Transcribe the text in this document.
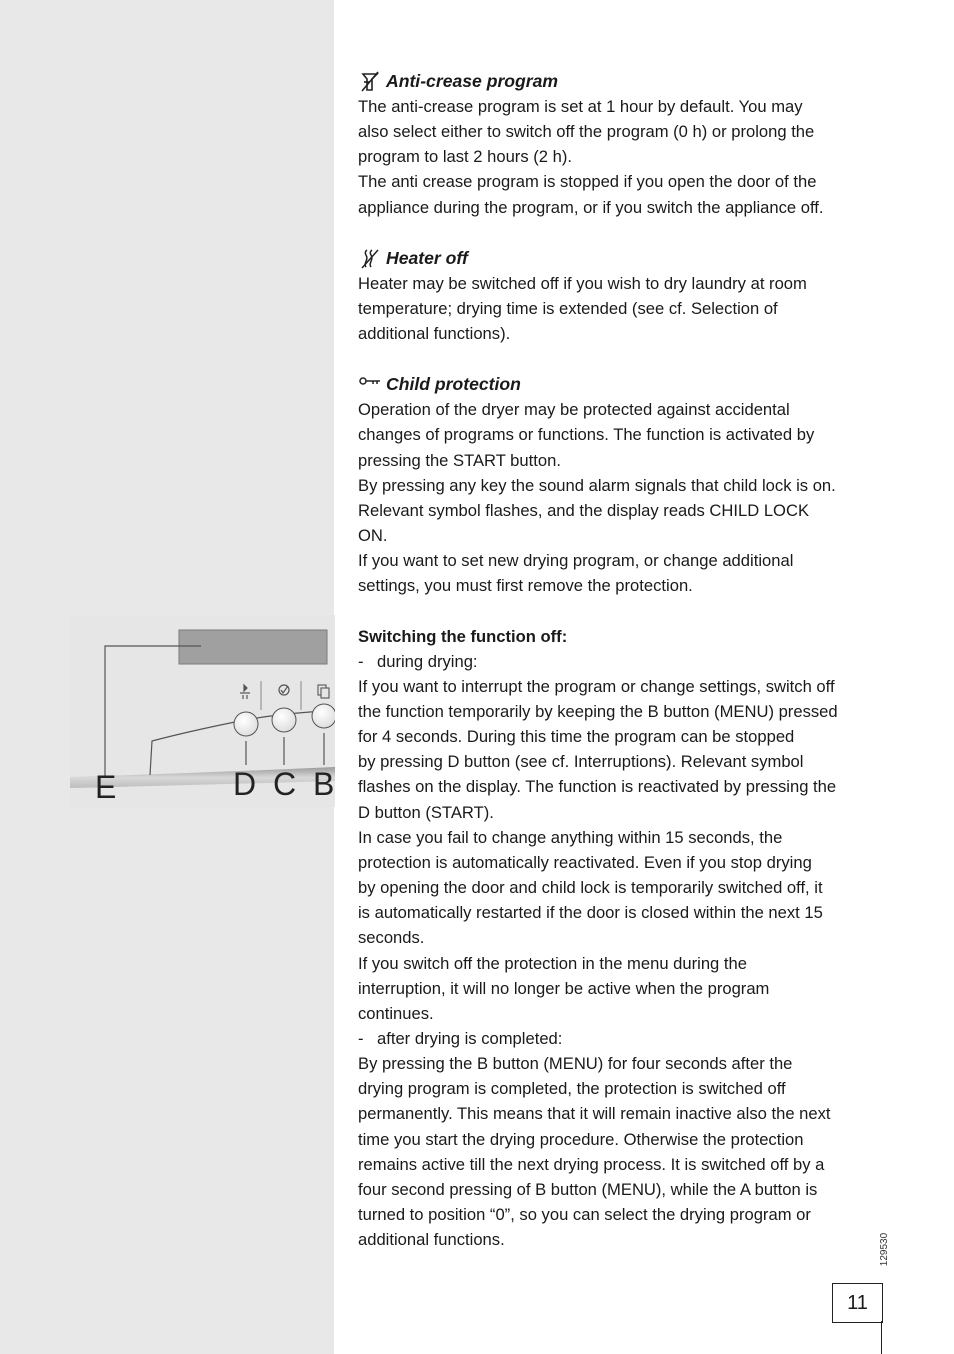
E	D C B
Anti-crease program

The anti-crease program is set at 1 hour by default. You may

also select either to switch off the program (0 h) or prolong the

program to last 2 hours (2 h).

The anti crease program is stopped if you open the door of the

appliance during the program, or if you switch the appliance off.

Heater off

Heater may be switched off if you wish to dry laundry at room

temperature; drying time is extended (see cf. Selection of

additional functions).

Child protection

Operation of the dryer may be protected against accidental

changes of programs or functions. The function is activated by

pressing the START button.

By pressing any key the sound alarm signals that child lock is on.

Relevant symbol flashes, and the display reads CHILD LOCK

ON.

If you want to set new drying program, or change additional

settings, you must first remove the protection.

Switching the function off:

- during drying:

If you want to interrupt the program or change settings, switch off

the function temporarily by keeping the B button (MENU) pressed

for 4 seconds. During this time the program can be stopped

by pressing D button (see cf. Interruptions). Relevant symbol

flashes on the display. The function is reactivated by pressing the

D button (START).

In case you fail to change anything within 15 seconds, the

protection is automatically reactivated. Even if you stop drying

by opening the door and child lock is temporarily switched off, it

is automatically restarted if the door is closed within the next 15

seconds.

If you switch off the protection in the menu during the

interruption, it will no longer be active when the program

continues.

- after drying is completed:

By pressing the B button (MENU) for four seconds after the

drying program is completed, the protection is switched off

permanently. This means that it will remain inactive also the next

time you start the drying procedure. Otherwise the protection

remains active till the next drying process. It is switched off by a

four second pressing of B button (MENU), while the A button is

turned to position “0”, so you can select the drying program or

additional functions.	129530
11
